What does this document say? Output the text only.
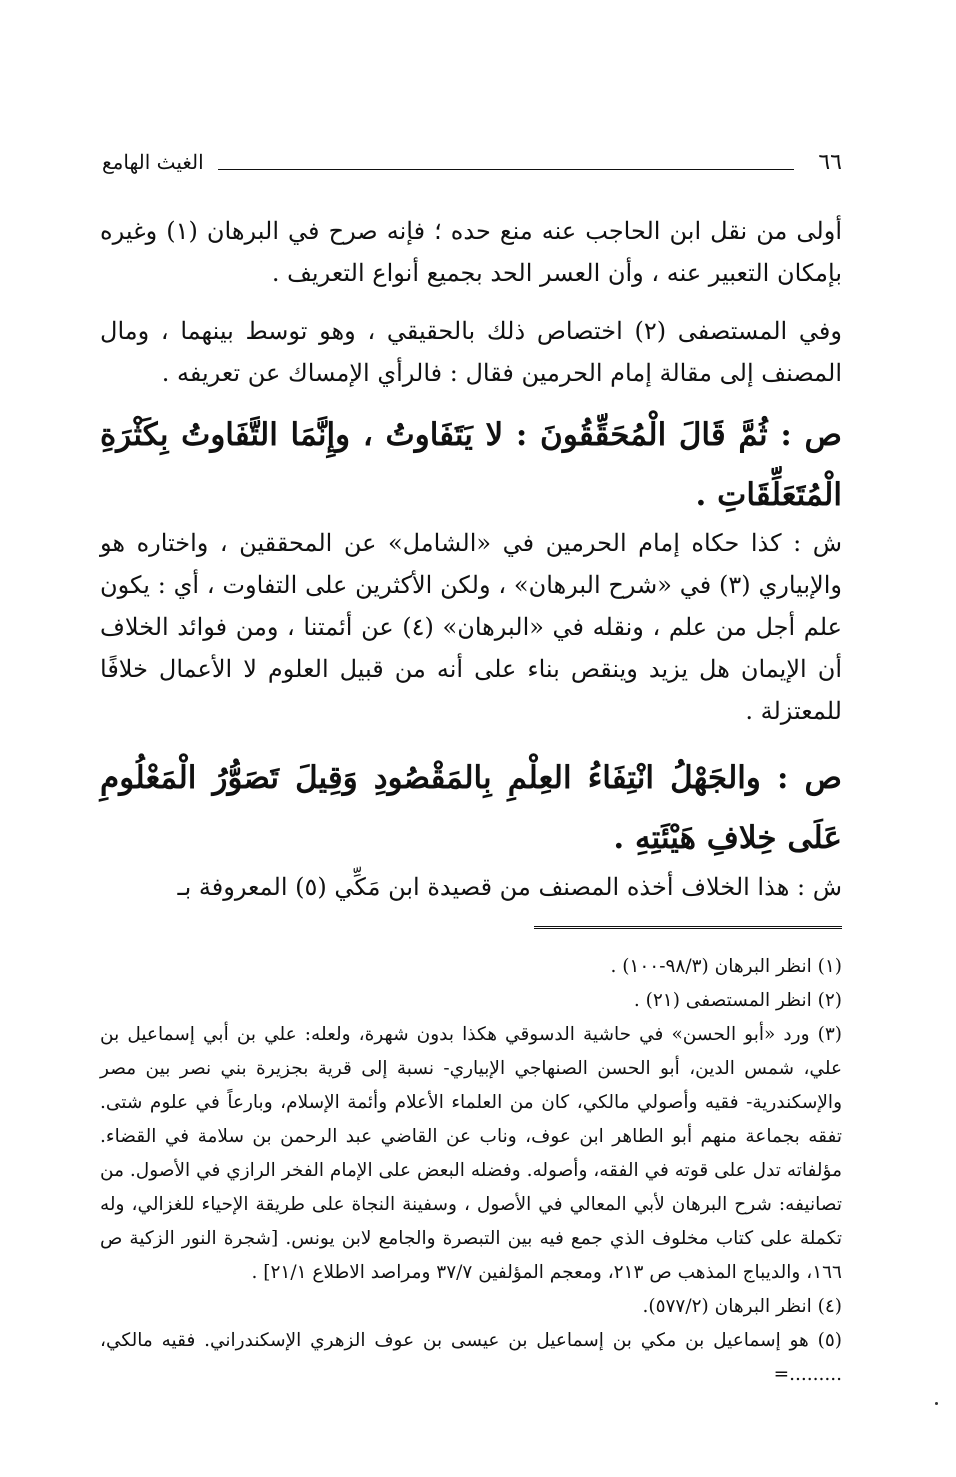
٦٦
الغيث الهامع

أولى من نقل ابن الحاجب عنه منع حده ؛ فإنه صرح في البرهان (١) وغيره بإمكان التعبير عنه ، وأن العسر الحد بجميع أنواع التعريف .

وفي المستصفى (٢) اختصاص ذلك بالحقيقي ، وهو توسط بينهما ، ومال المصنف إلى مقالة إمام الحرمين فقال : فالرأي الإمساك عن تعريفه .

ص : ثُمَّ قَالَ الْمُحَقِّقُونَ : لا يَتَفَاوتُ ، وإِنَّمَا التَّفَاوتُ بِكَثْرَةِ الْمُتَعَلِّقَاتِ .

ش : كذا حكاه إمام الحرمين في «الشامل» عن المحققين ، واختاره هو والإبياري (٣) في «شرح البرهان» ، ولكن الأكثرين على التفاوت ، أي : يكون علم أجل من علم ، ونقله في «البرهان» (٤) عن أئمتنا ، ومن فوائد الخلاف أن الإيمان هل يزيد وينقص بناء على أنه من قبيل العلوم لا الأعمال خلافًا للمعتزلة .

ص : والجَهْلُ انْتِفَاءُ العِلْمِ بِالمَقْصُودِ وَقِيلَ تَصَوُّرُ الْمَعْلُومِ عَلَى خِلافِ هَيْئَتِهِ .

ش : هذا الخلاف أخذه المصنف من قصيدة ابن مَكِّي (٥) المعروفة بـ

(١) انظر البرهان (٩٨/٣-١٠٠) .

(٢) انظر المستصفى (٢١) .

(٣) ورد «أبو الحسن» في حاشية الدسوقي هكذا بدون شهرة، ولعله: علي بن أبي إسماعيل بن علي، شمس الدين، أبو الحسن الصنهاجي الإبياري- نسبة إلى قرية بجزيرة بني نصر بين مصر والإسكندرية- فقيه وأصولي مالكي، كان من العلماء الأعلام وأئمة الإسلام، وبارعاً في علوم شتى. تفقه بجماعة منهم أبو الطاهر ابن عوف، وناب عن القاضي عبد الرحمن بن سلامة في القضاء. مؤلفاته تدل على قوته في الفقه، وأصوله. وفضله البعض على الإمام الفخر الرازي في الأصول. من تصانيفه: شرح البرهان لأبي المعالي في الأصول ، وسفينة النجاة على طريقة الإحياء للغزالي، وله تكملة على كتاب مخلوف الذي جمع فيه بين التبصرة والجامع لابن يونس. [شجرة النور الزكية ص ١٦٦، والديباج المذهب ص ٢١٣، ومعجم المؤلفين ٣٧/٧ ومراصد الاطلاع ٢١/١] .

(٤) انظر البرهان (٥٧٧/٢).

(٥) هو إسماعيل بن مكي بن إسماعيل بن عيسى بن عوف الزهري الإسكندراني. فقيه مالكي، .........=
